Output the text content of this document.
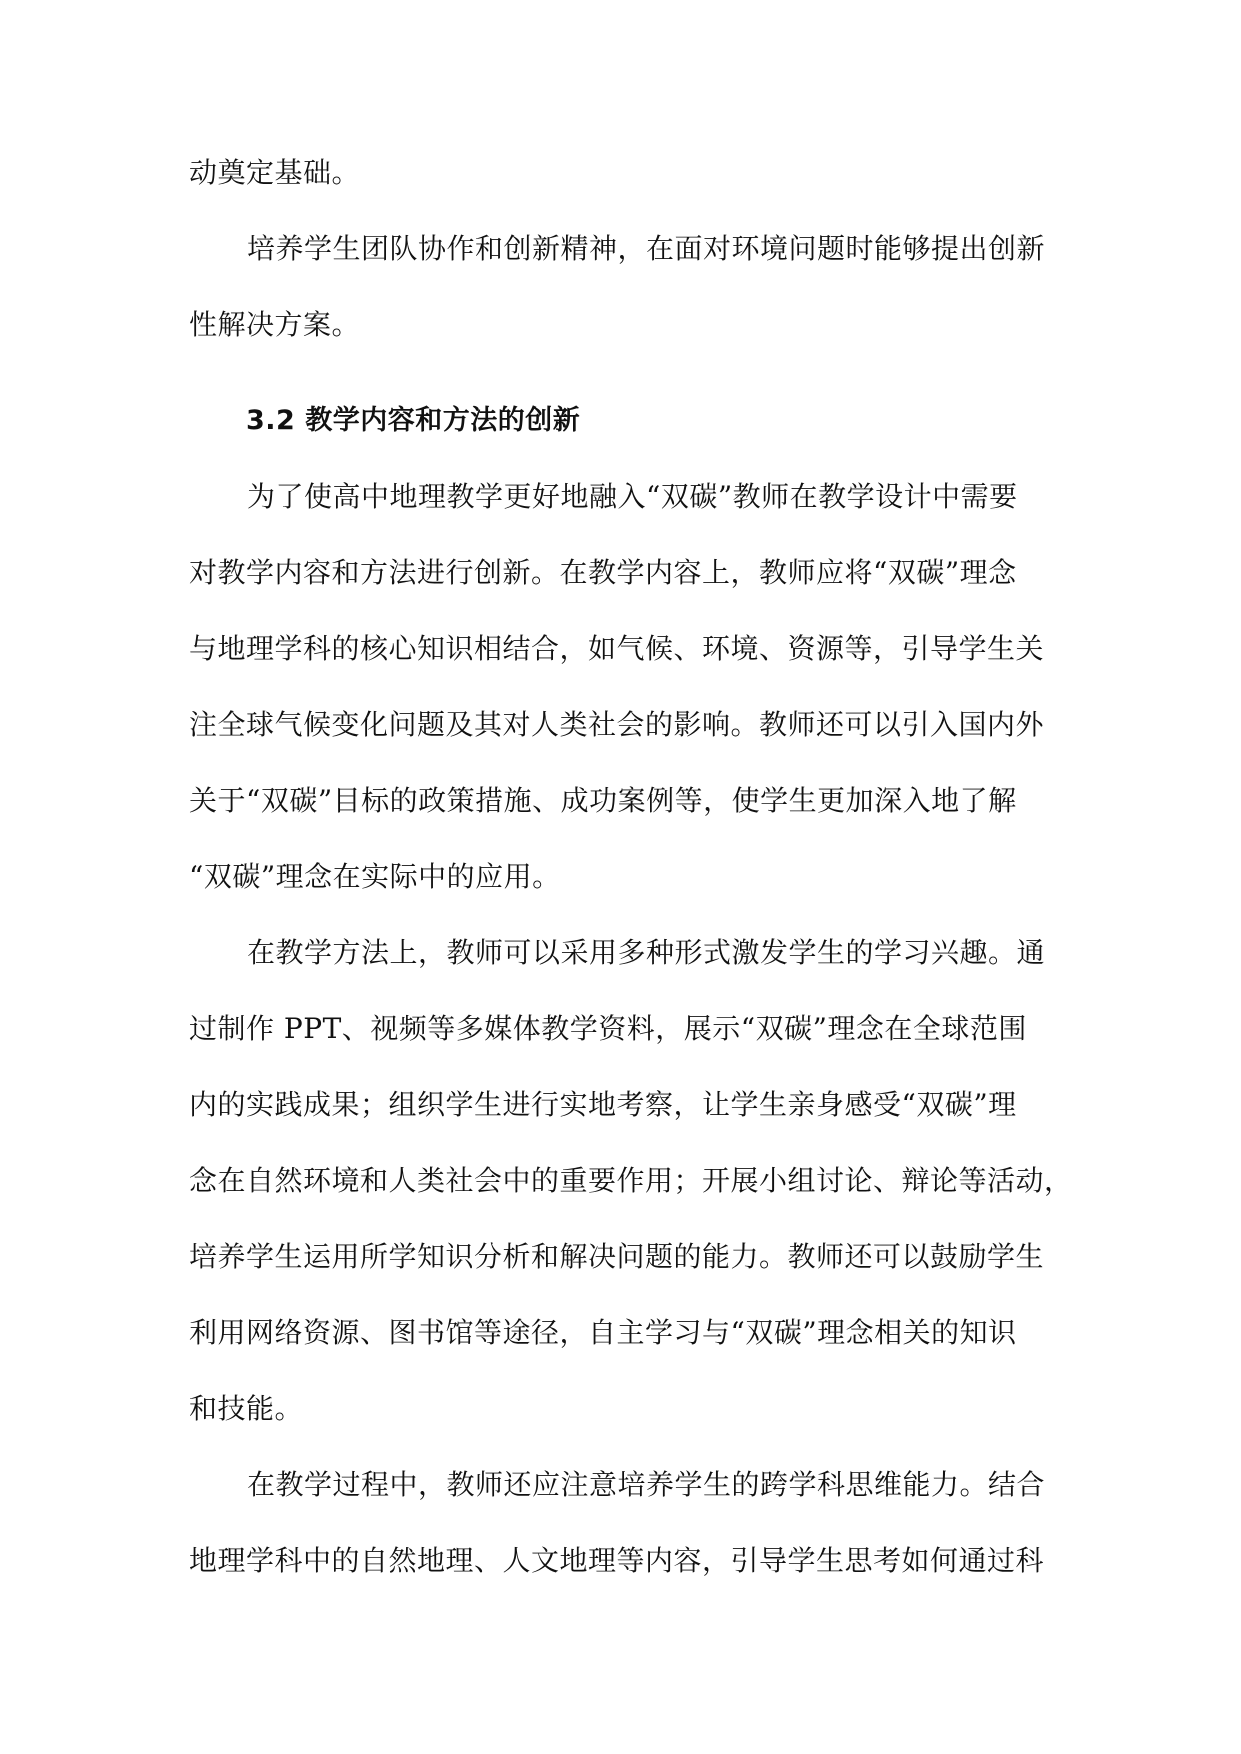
动奠定基础。

培养学生团队协作和创新精神，在面对环境问题时能够提出创新
性解决方案。

3.2 教学内容和方法的创新

为了使高中地理教学更好地融入“双碳”教师在教学设计中需要
对教学内容和方法进行创新。在教学内容上，教师应将“双碳”理念
与地理学科的核心知识相结合，如气候、环境、资源等，引导学生关
注全球气候变化问题及其对人类社会的影响。教师还可以引入国内外
关于“双碳”目标的政策措施、成功案例等，使学生更加深入地了解
“双碳”理念在实际中的应用。

在教学方法上，教师可以采用多种形式激发学生的学习兴趣。通
过制作 PPT、视频等多媒体教学资料，展示“双碳”理念在全球范围
内的实践成果；组织学生进行实地考察，让学生亲身感受“双碳”理
念在自然环境和人类社会中的重要作用；开展小组讨论、辩论等活动，
培养学生运用所学知识分析和解决问题的能力。教师还可以鼓励学生
利用网络资源、图书馆等途径，自主学习与“双碳”理念相关的知识
和技能。

在教学过程中，教师还应注意培养学生的跨学科思维能力。结合
地理学科中的自然地理、人文地理等内容，引导学生思考如何通过科
